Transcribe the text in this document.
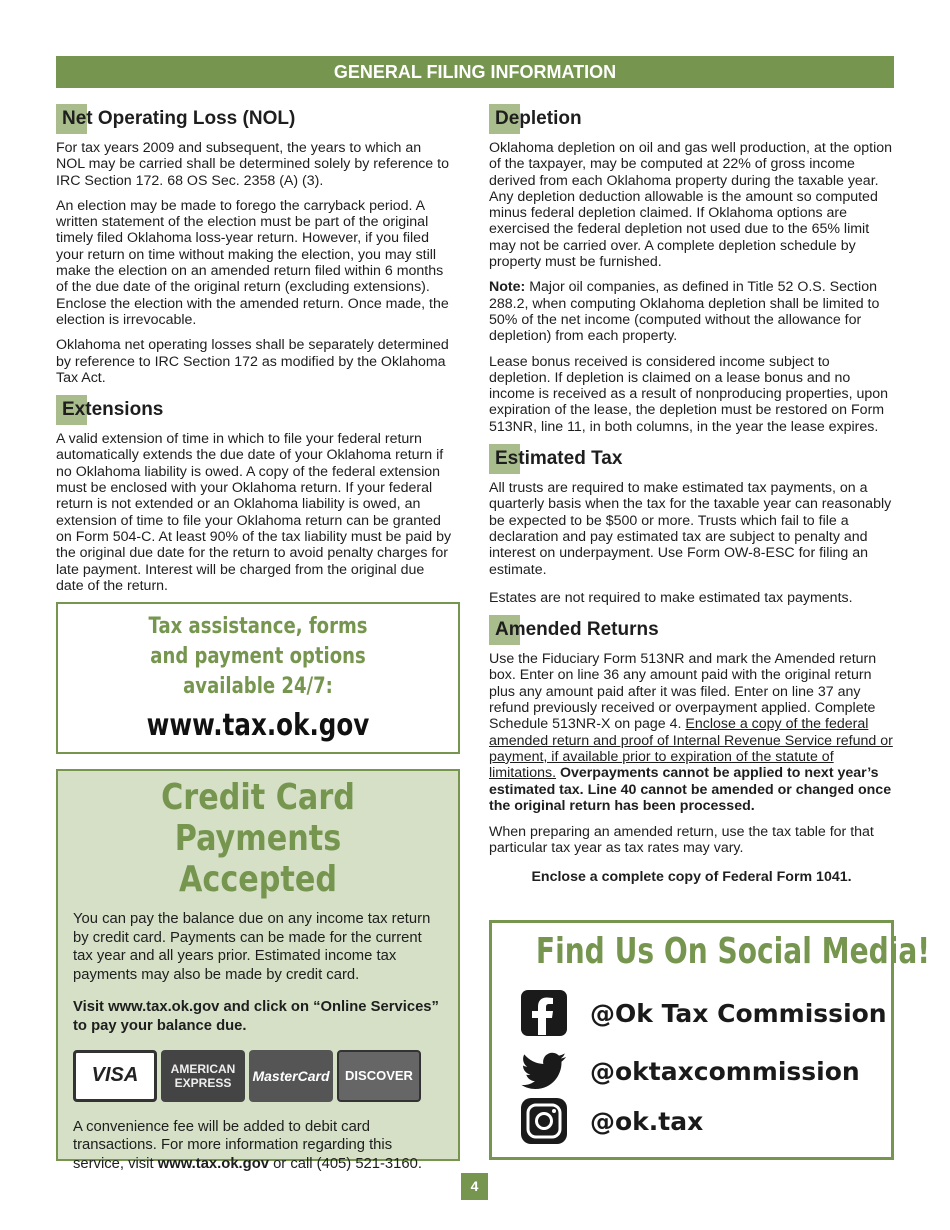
GENERAL FILING INFORMATION
Net Operating Loss (NOL)

For tax years 2009 and subsequent, the years to which an NOL may be carried shall be determined solely by reference to IRC Section 172. 68 OS Sec. 2358 (A) (3).

An election may be made to forego the carryback period. A written statement of the election must be part of the original timely filed Oklahoma loss-year return. However, if you filed your return on time without making the election, you may still make the election on an amended return filed within 6 months of the due date of the original return (excluding extensions). Enclose the election with the amended return. Once made, the election is irrevocable.

Oklahoma net operating losses shall be separately determined by reference to IRC Section 172 as modified by the Oklahoma Tax Act.

Extensions

A valid extension of time in which to file your federal return automatically extends the due date of your Oklahoma return if no Oklahoma liability is owed. A copy of the federal extension must be enclosed with your Oklahoma return. If your federal return is not extended or an Oklahoma liability is owed, an extension of time to file your Oklahoma return can be granted on Form 504-C. At least 90% of the tax liability must be paid by the original due date for the return to avoid penalty charges for late payment. Interest will be charged from the original due date of the return.

Tax assistance, forms
and payment options
available 24/7:
www.tax.ok.gov
Credit Card
Payments Accepted

You can pay the balance due on any income tax return by credit card. Payments can be made for the current tax year and all years prior. Estimated income tax payments may also be made by credit card.

Visit www.tax.ok.gov and click on “Online Services” to pay your balance due.

VISA	AMERICAN EXPRESS	MasterCard	DISCOVER

A convenience fee will be added to debit card transactions. For more information regarding this service, visit www.tax.ok.gov or call (405) 521-3160.

Depletion

Oklahoma depletion on oil and gas well production, at the option of the taxpayer, may be computed at 22% of gross income derived from each Oklahoma property during the taxable year. Any depletion deduction allowable is the amount so computed minus federal depletion claimed. If Oklahoma options are exercised the federal depletion not used due to the 65% limit may not be carried over. A complete depletion schedule by property must be furnished.

Note: Major oil companies, as defined in Title 52 O.S. Section 288.2, when computing Oklahoma depletion shall be limited to 50% of the net income (computed without the allowance for depletion) from each property.

Lease bonus received is considered income subject to depletion. If depletion is claimed on a lease bonus and no income is received as a result of nonproducing properties, upon expiration of the lease, the depletion must be restored on Form 513NR, line 11, in both columns, in the year the lease expires.

Estimated Tax

All trusts are required to make estimated tax payments, on a quarterly basis when the tax for the taxable year can reasonably be expected to be $500 or more. Trusts which fail to file a declaration and pay estimated tax are subject to penalty and interest on underpayment. Use Form OW-8-ESC for filing an estimate.

Estates are not required to make estimated tax payments.

Amended Returns

Use the Fiduciary Form 513NR and mark the Amended return box. Enter on line 36 any amount paid with the original return plus any amount paid after it was filed. Enter on line 37 any refund previously received or overpayment applied. Complete Schedule 513NR-X on page 4. Enclose a copy of the federal amended return and proof of Internal Revenue Service refund or payment, if available prior to expiration of the statute of limitations. Overpayments cannot be applied to next year’s estimated tax. Line 40 cannot be amended or changed once the original return has been processed.

When preparing an amended return, use the tax table for that particular tax year as tax rates may vary.

Enclose a complete copy of Federal Form 1041.

Find Us On Social Media!
@Ok Tax Commission
@oktaxcommission
@ok.tax
4
